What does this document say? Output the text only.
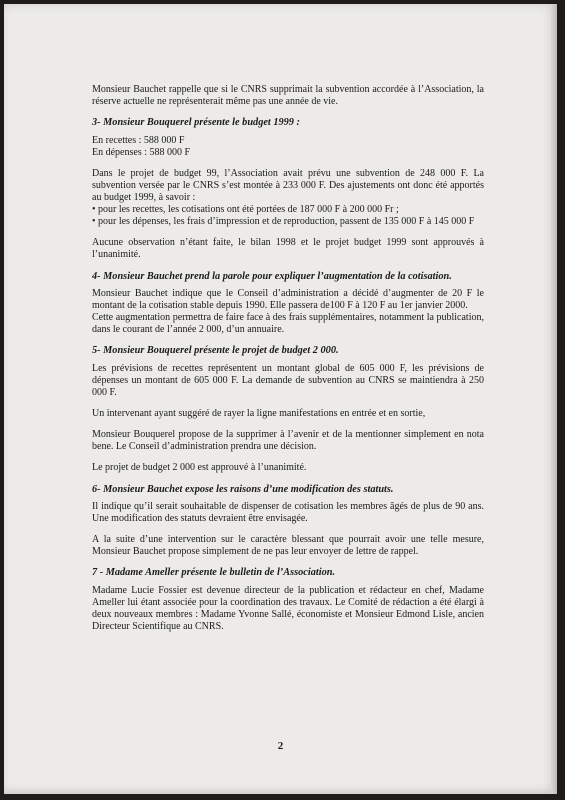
Monsieur Bauchet rappelle que si le CNRS supprimait la subvention accordée à l’Association, la réserve actuelle ne représenterait même pas une année de vie.

3- Monsieur Bouquerel présente le budget 1999 :

En recettes : 588 000 F

En dépenses : 588 000 F

Dans le projet de budget 99, l’Association avait prévu une subvention de 248 000 F. La subvention versée par le CNRS s’est montée à 233 000 F. Des ajustements ont donc été apportés au budget 1999, à savoir :

• pour les recettes, les cotisations ont été portées de 187 000 F à 200 000 Fr ;

• pour les dépenses, les frais d’impression et de reproduction, passent de 135 000 F à 145 000 F

Aucune observation n’étant faite, le bilan 1998 et le projet budget 1999 sont approuvés à l’unanimité.

4- Monsieur Bauchet prend la parole pour expliquer l’augmentation de la cotisation.

Monsieur Bauchet indique que le Conseil d’administration a décidé d’augmenter de 20 F le montant de la cotisation stable depuis 1990. Elle passera de100 F à 120 F au 1er janvier 2000.

Cette augmentation permettra de faire face à des frais supplémentaires, notamment la publication, dans le courant de l’année 2 000, d’un annuaire.

5- Monsieur Bouquerel présente le projet de budget 2 000.

Les prévisions de recettes représentent un montant global de 605 000 F, les prévisions de dépenses un montant de 605 000 F. La demande de subvention au CNRS se maintiendra à 250 000 F.

Un intervenant ayant suggéré de rayer la ligne manifestations en entrée et en sortie,

Monsieur Bouquerel propose de la supprimer à l’avenir et de la mentionner simplement en nota bene. Le Conseil d’administration prendra une décision.

Le projet de budget 2 000 est approuvé à l’unanimité.

6- Monsieur Bauchet expose les raisons d’une modification des statuts.

Il indique qu’il serait souhaitable de dispenser de cotisation les membres âgés de plus de 90 ans. Une modification des statuts devraient être envisagée.

A la suite d’une intervention sur le caractère blessant que pourrait avoir une telle mesure, Monsieur Bauchet propose simplement de ne pas leur envoyer de lettre de rappel.

7 - Madame Ameller présente le bulletin de l’Association.

Madame Lucie Fossier est devenue directeur de la publication et rédacteur en chef, Madame Ameller lui étant associée pour la coordination des travaux. Le Comité de rédaction a été élargi à deux nouveaux membres : Madame Yvonne Sallé, économiste et Monsieur Edmond Lisle, ancien Directeur Scientifique au CNRS.

2
